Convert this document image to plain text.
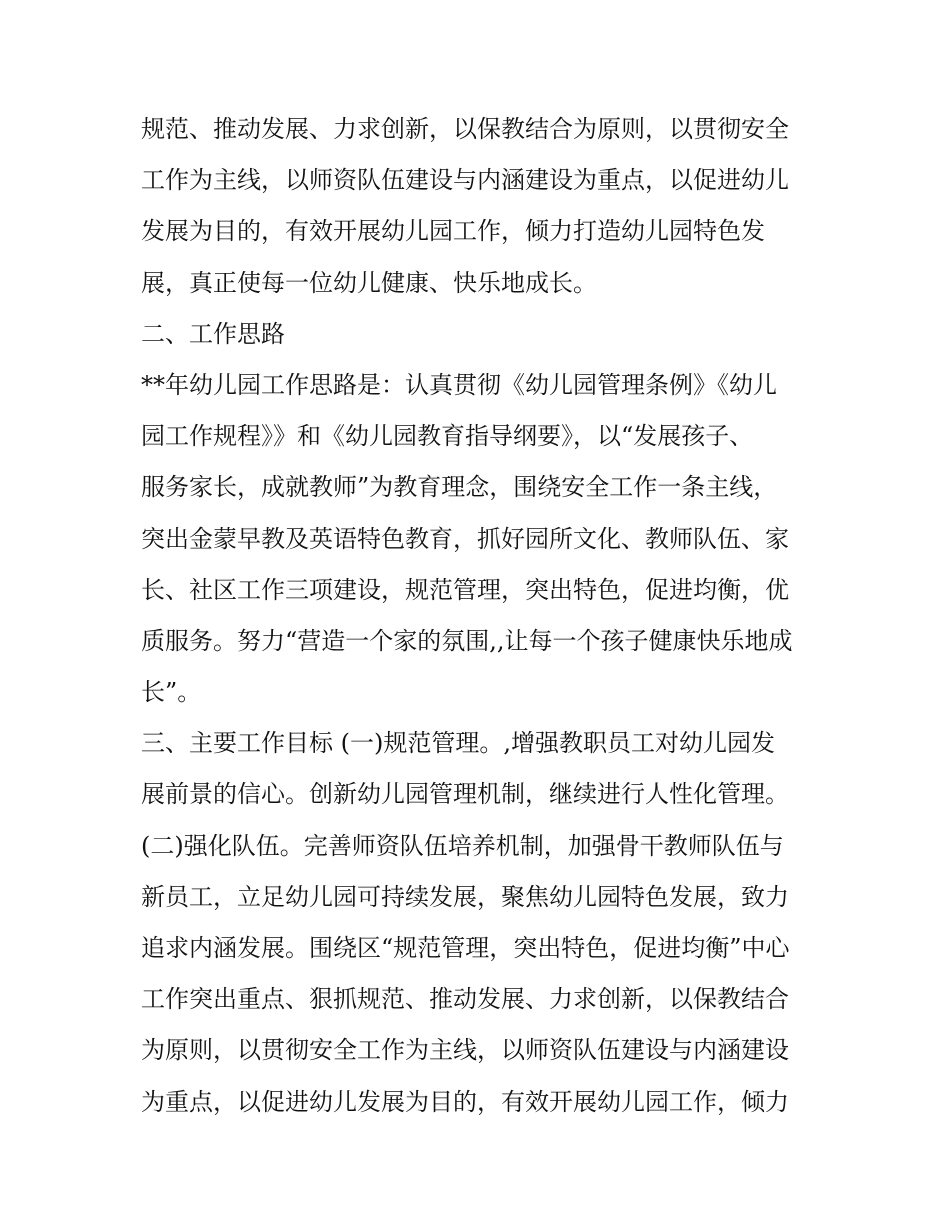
规范、推动发展、力求创新，以保教结合为原则，以贯彻安全
工作为主线，以师资队伍建设与内涵建设为重点，以促进幼儿
发展为目的，有效开展幼儿园工作，倾力打造幼儿园特色发
展，真正使每一位幼儿健康、快乐地成长。
二、工作思路
**年幼儿园工作思路是：认真贯彻《幼儿园管理条例》《幼儿
园工作规程》》和《幼儿园教育指导纲要》，以“发展孩子、
服务家长，成就教师”为教育理念，围绕安全工作一条主线，
突出金蒙早教及英语特色教育，抓好园所文化、教师队伍、家
长、社区工作三项建设，规范管理，突出特色，促进均衡，优
质服务。努力“营造一个家的氛围,,让每一个孩子健康快乐地成
长”。
三、主要工作目标 (一)规范管理。,增强教职员工对幼儿园发
展前景的信心。创新幼儿园管理机制，继续进行人性化管理。
(二)强化队伍。完善师资队伍培养机制，加强骨干教师队伍与
新员工，立足幼儿园可持续发展，聚焦幼儿园特色发展，致力
追求内涵发展。围绕区“规范管理，突出特色，促进均衡”中心
工作突出重点、狠抓规范、推动发展、力求创新，以保教结合
为原则，以贯彻安全工作为主线，以师资队伍建设与内涵建设
为重点，以促进幼儿发展为目的，有效开展幼儿园工作，倾力
